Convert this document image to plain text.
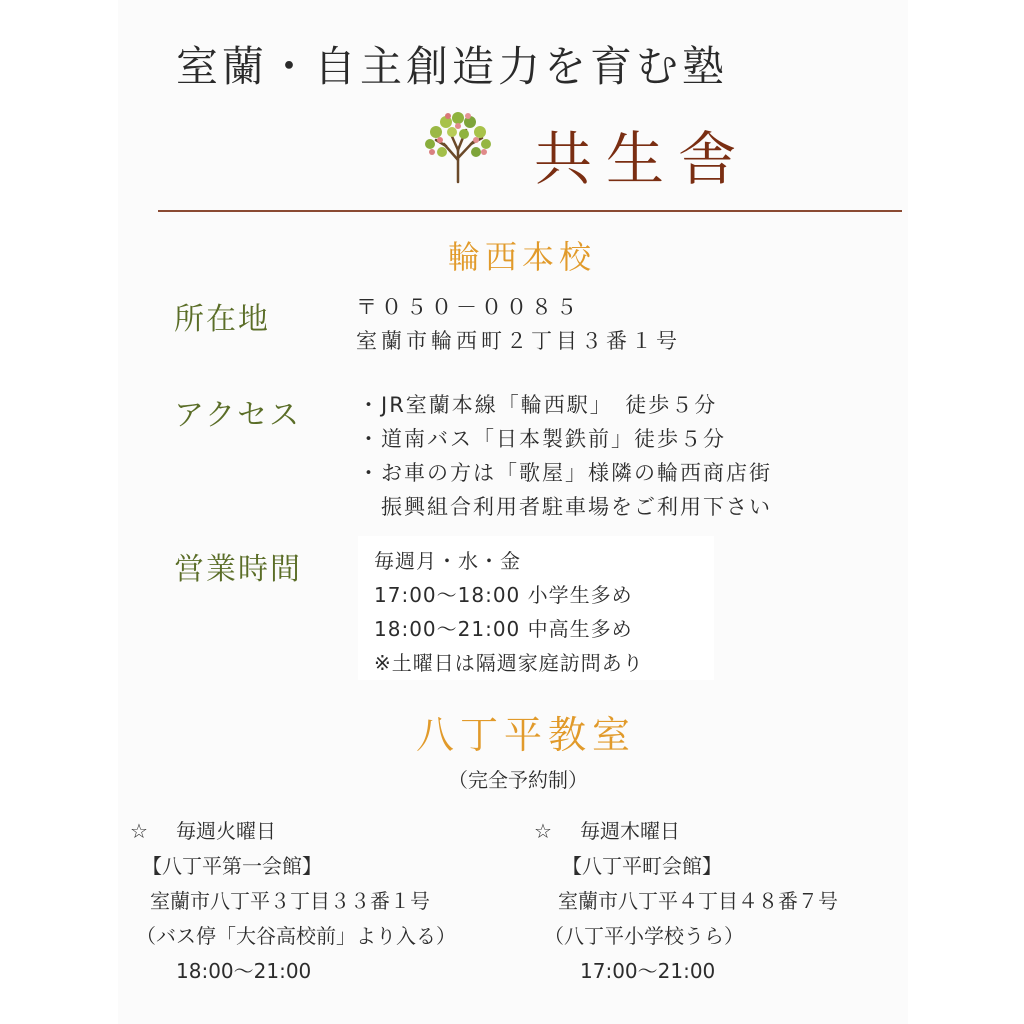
室蘭・自主創造力を育む塾
共生舎
輪西本校
所在地	〒０５０－００８５
室蘭市輪西町２丁目３番１号
アクセス	・JR室蘭本線「輪西駅」　徒歩５分
・道南バス「日本製鉄前」徒歩５分
・お車の方は「歌屋」様隣の輪西商店街
　振興組合利用者駐車場をご利用下さい
営業時間	毎週月・水・金
17:00～18:00 小学生多め
18:00～21:00 中高生多め
※土曜日は隔週家庭訪問あり
八丁平教室
（完全予約制）
☆ 毎週火曜日
【八丁平第一会館】
室蘭市八丁平３丁目３３番１号
（バス停「大谷高校前」より入る）
18:00～21:00
☆ 毎週木曜日
【八丁平町会館】
室蘭市八丁平４丁目４８番７号
（八丁平小学校うら）
17:00～21:00
